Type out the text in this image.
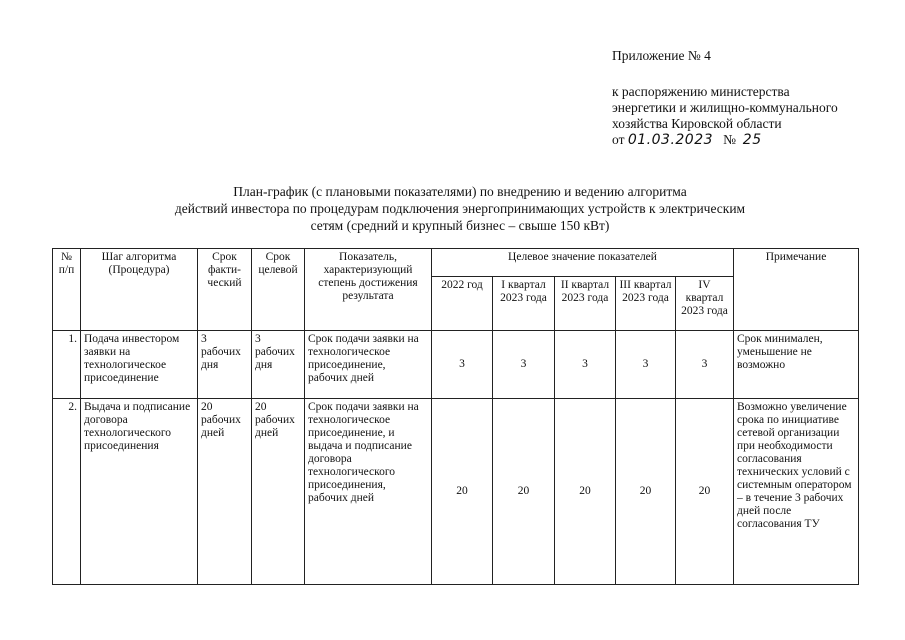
Приложение № 4
к распоряжению министерства
энергетики и жилищно-коммунального
хозяйства Кировской области
от 01.03.2023 № 25
План-график (с плановыми показателями) по внедрению и ведению алгоритма
действий инвестора по процедурам подключения энергопринимающих устройств к электрическим
сетям (средний и крупный бизнес – свыше 150 кВт)
№ п/п	Шаг алгоритма (Процедура)	Срок факти-ческий	Срок целевой	Показатель, характеризующий степень достижения результата	Целевое значение показателей					Примечание
					2022 год	I квартал 2023 года	II квартал 2023 года	III квартал 2023 года	IV квартал 2023 года	
1.	Подача инвестором заявки на технологическое присоединение	3 рабочих дня	3 рабочих дня	Срок подачи заявки на технологическое присоединение, рабочих дней	3	3	3	3	3	Срок минимален, уменьшение не возможно
2.	Выдача и подписание договора технологического присоединения	20 рабочих дней	20 рабочих дней	Срок подачи заявки на технологическое присоединение, и выдача и подписание договора технологического присоединения, рабочих дней	20	20	20	20	20	Возможно увеличение срока по инициативе сетевой организации при необходимости согласования технических условий с системным оператором – в течение 3 рабочих дней после согласования ТУ
